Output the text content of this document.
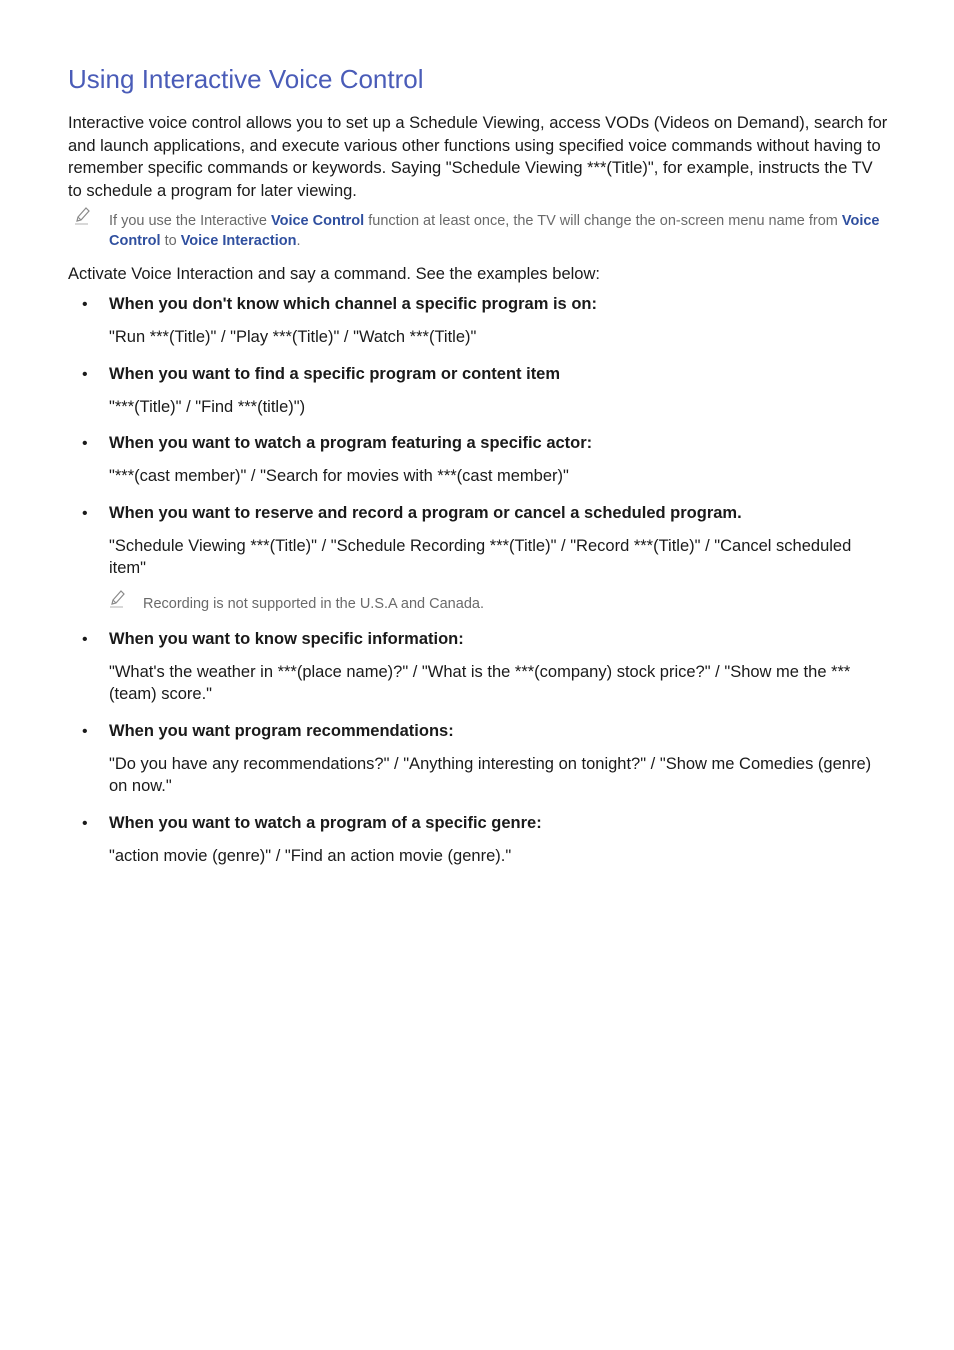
Using Interactive Voice Control

Interactive voice control allows you to set up a Schedule Viewing, access VODs (Videos on Demand), search for and launch applications, and execute various other functions using specified voice commands without having to remember specific commands or keywords. Saying "Schedule Viewing ***(Title)", for example, instructs the TV to schedule a program for later viewing.

If you use the Interactive Voice Control function at least once, the TV will change the on-screen menu name from Voice Control to Voice Interaction.

Activate Voice Interaction and say a command. See the examples below:

• When you don't know which channel a specific program is on:

"Run ***(Title)" / "Play ***(Title)" / "Watch ***(Title)"

• When you want to find a specific program or content item

"***(Title)" / "Find ***(title)")

• When you want to watch a program featuring a specific actor:

"***(cast member)" / "Search for movies with ***(cast member)"

• When you want to reserve and record a program or cancel a scheduled program.

"Schedule Viewing ***(Title)" / "Schedule Recording ***(Title)" / "Record ***(Title)" / "Cancel scheduled item"

Recording is not supported in the U.S.A and Canada.
• When you want to know specific information:

"What's the weather in ***(place name)?" / "What is the ***(company) stock price?" / "Show me the ***(team) score."

• When you want program recommendations:

"Do you have any recommendations?" / "Anything interesting on tonight?" / "Show me Comedies (genre) on now."

• When you want to watch a program of a specific genre:

"action movie (genre)" / "Find an action movie (genre)."
